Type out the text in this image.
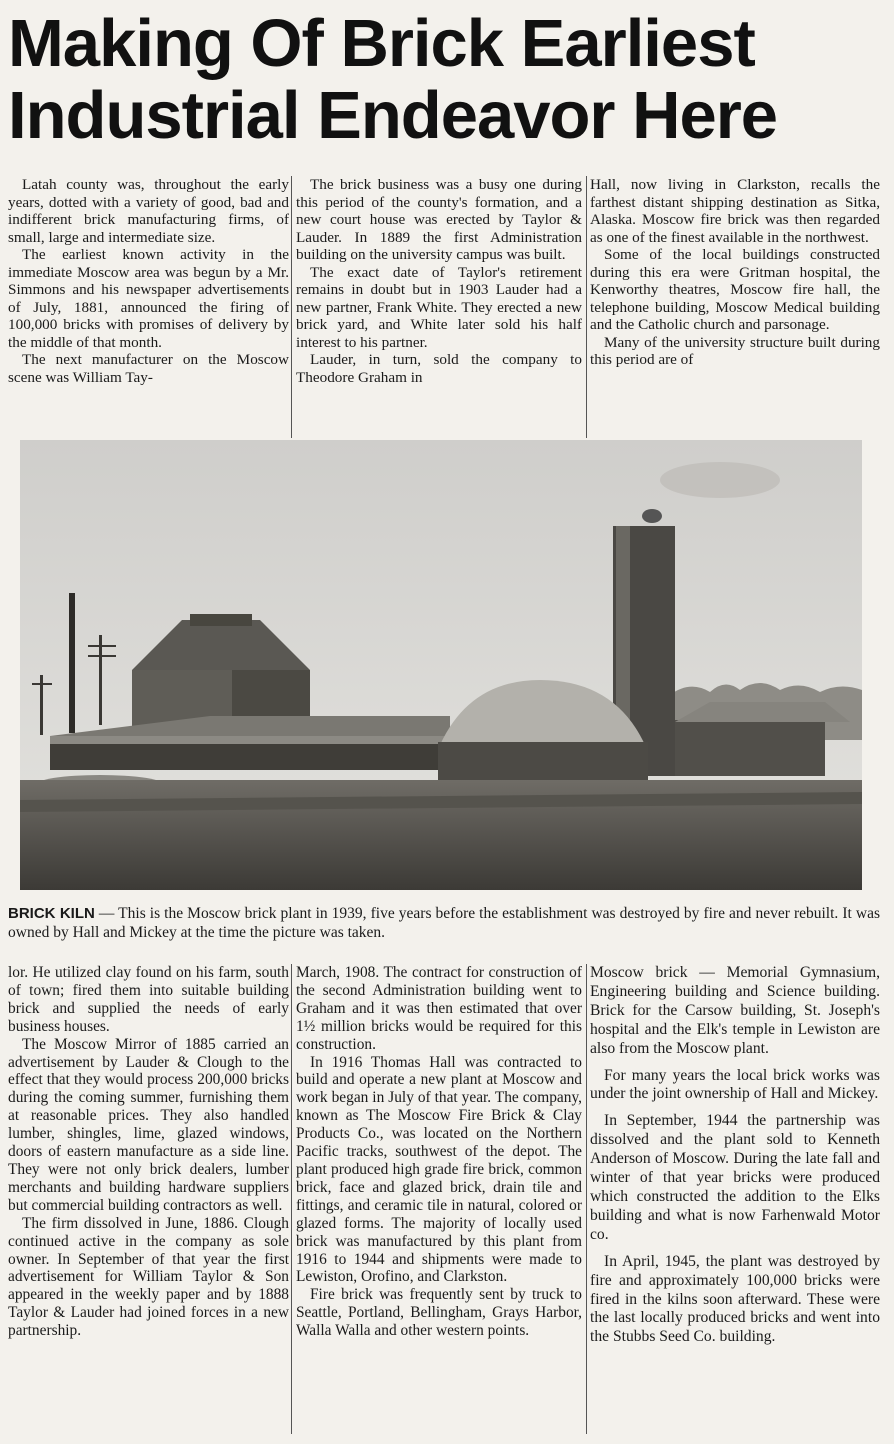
Making Of Brick Earliest
Industrial Endeavor Here

Latah county was, throughout the early years, dotted with a variety of good, bad and indifferent brick manufacturing firms, of small, large and intermediate size.

The earliest known activity in the immediate Moscow area was begun by a Mr. Simmons and his newspaper advertisements of July, 1881, announced the firing of 100,000 bricks with promises of delivery by the middle of that month.

The next manufacturer on the Moscow scene was William Tay-

The brick business was a busy one during this period of the county's formation, and a new court house was erected by Taylor & Lauder. In 1889 the first Administration building on the university campus was built.

The exact date of Taylor's retirement remains in doubt but in 1903 Lauder had a new partner, Frank White. They erected a new brick yard, and White later sold his half interest to his partner.

Lauder, in turn, sold the company to Theodore Graham in

Hall, now living in Clarkston, recalls the farthest distant shipping destination as Sitka, Alaska. Moscow fire brick was then regarded as one of the finest available in the northwest.

Some of the local buildings constructed during this era were Gritman hospital, the Kenworthy theatres, Moscow fire hall, the telephone building, Moscow Medical building and the Catholic church and parsonage.

Many of the university structure built during this period are of

BRICK KILN — This is the Moscow brick plant in 1939, five years before the establishment was destroyed by fire and never rebuilt. It was owned by Hall and Mickey at the time the picture was taken.

lor. He utilized clay found on his farm, south of town; fired them into suitable building brick and supplied the needs of early business houses.

The Moscow Mirror of 1885 carried an advertisement by Lauder & Clough to the effect that they would process 200,000 bricks during the coming summer, furnishing them at reasonable prices. They also handled lumber, shingles, lime, glazed windows, doors of eastern manufacture as a side line. They were not only brick dealers, lumber merchants and building hardware suppliers but commercial building contractors as well.

The firm dissolved in June, 1886. Clough continued active in the company as sole owner. In September of that year the first advertisement for William Taylor & Son appeared in the weekly paper and by 1888 Taylor & Lauder had joined forces in a new partnership.

March, 1908. The contract for construction of the second Administration building went to Graham and it was then estimated that over 1½ million bricks would be required for this construction.

In 1916 Thomas Hall was contracted to build and operate a new plant at Moscow and work began in July of that year. The company, known as The Moscow Fire Brick & Clay Products Co., was located on the Northern Pacific tracks, southwest of the depot. The plant produced high grade fire brick, common brick, face and glazed brick, drain tile and fittings, and ceramic tile in natural, colored or glazed forms. The majority of locally used brick was manufactured by this plant from 1916 to 1944 and shipments were made to Lewiston, Orofino, and Clarkston.

Fire brick was frequently sent by truck to Seattle, Portland, Bellingham, Grays Harbor, Walla Walla and other western points.

Moscow brick — Memorial Gymnasium, Engineering building and Science building. Brick for the Carsow building, St. Joseph's hospital and the Elk's temple in Lewiston are also from the Moscow plant.

For many years the local brick works was under the joint ownership of Hall and Mickey.

In September, 1944 the partnership was dissolved and the plant sold to Kenneth Anderson of Moscow. During the late fall and winter of that year bricks were produced which constructed the addition to the Elks building and what is now Farhenwald Motor co.

In April, 1945, the plant was destroyed by fire and approximately 100,000 bricks were fired in the kilns soon afterward. These were the last locally produced bricks and went into the Stubbs Seed Co. building.
